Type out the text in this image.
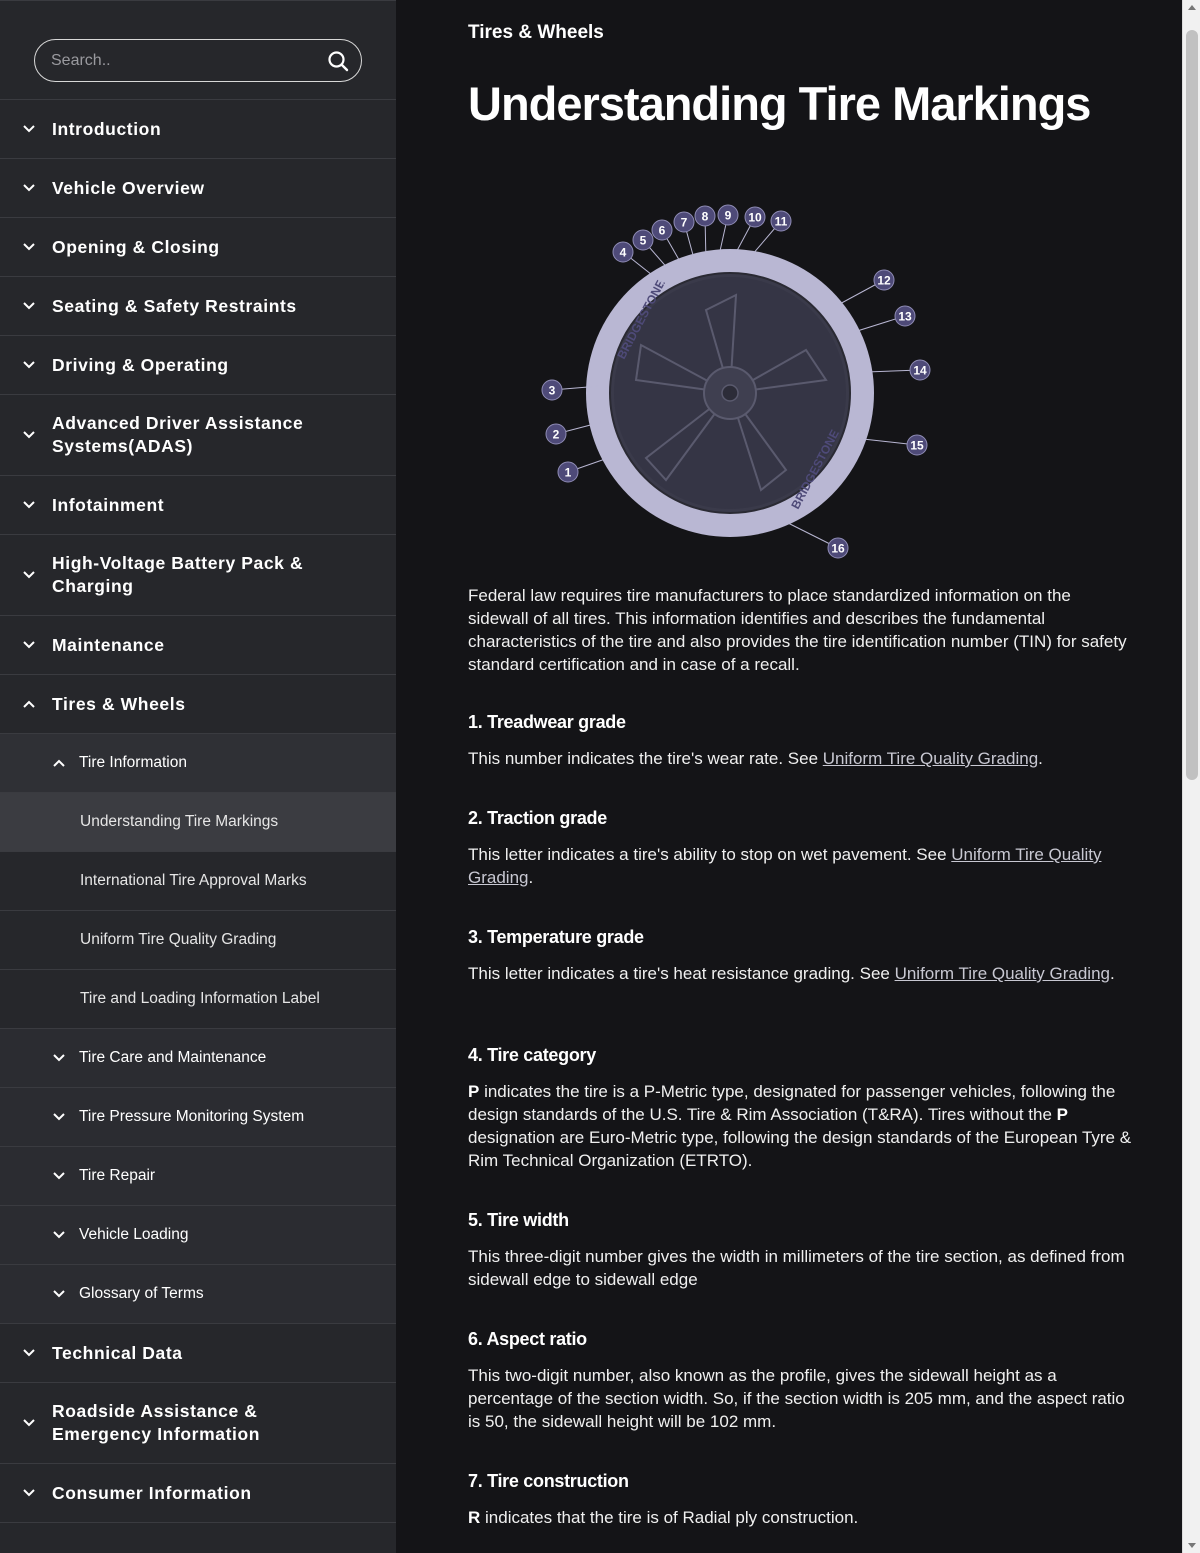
Search..
Introduction
Vehicle Overview
Opening & Closing
Seating & Safety Restraints
Driving & Operating
Advanced Driver Assistance Systems(ADAS)
Infotainment
High-Voltage Battery Pack & Charging
Maintenance
Tires & Wheels
Tire Information
Understanding Tire Markings
International Tire Approval Marks
Uniform Tire Quality Grading
Tire and Loading Information Label
Tire Care and Maintenance
Tire Pressure Monitoring System
Tire Repair
Vehicle Loading
Glossary of Terms
Technical Data
Roadside Assistance & Emergency Information
Consumer Information
Tires & Wheels
Understanding Tire Markings
BRIDGESTONE
BRIDGESTONE
1
2
3
4
5
6
7 8 9 10 11
12
13
14
15
16

Federal law requires tire manufacturers to place standardized information on the sidewall of all tires. This information identifies and describes the fundamental characteristics of the tire and also provides the tire identification number (TIN) for safety standard certification and in case of a recall.

1. Treadwear grade

This number indicates the tire's wear rate. See Uniform Tire Quality Grading.

2. Traction grade

This letter indicates a tire's ability to stop on wet pavement. See Uniform Tire Quality Grading.

3. Temperature grade

This letter indicates a tire's heat resistance grading. See Uniform Tire Quality Grading.

4. Tire category

P indicates the tire is a P-Metric type, designated for passenger vehicles, following the design standards of the U.S. Tire & Rim Association (T&RA). Tires without the P designation are Euro-Metric type, following the design standards of the European Tyre & Rim Technical Organization (ETRTO).

5. Tire width

This three-digit number gives the width in millimeters of the tire section, as defined from sidewall edge to sidewall edge

6. Aspect ratio

This two-digit number, also known as the profile, gives the sidewall height as a percentage of the section width. So, if the section width is 205 mm, and the aspect ratio is 50, the sidewall height will be 102 mm.

7. Tire construction

R indicates that the tire is of Radial ply construction.
